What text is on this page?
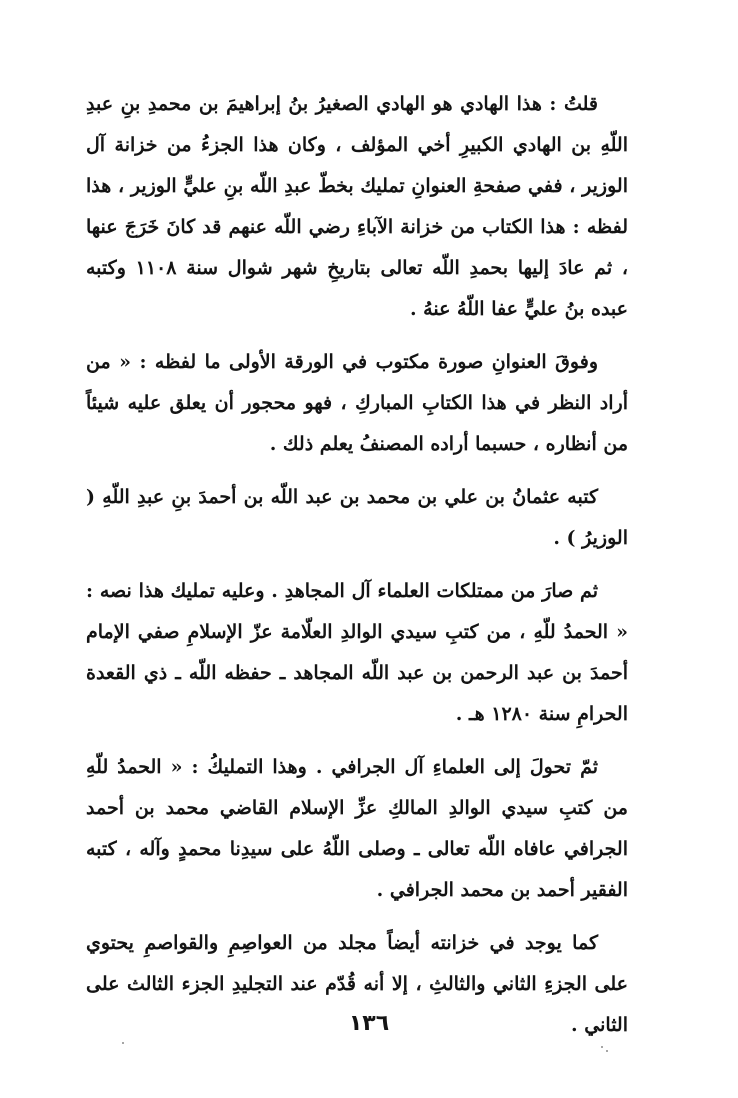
قلتُ : هذا الهادي هو الهادي الصغيرُ بنُ إبراهيمَ بن محمدِ بنِ عبدِ اللّهِ بن الهادي الكبيرِ أخي المؤلف ، وكان هذا الجزءُ من خزانة آل الوزير ، ففي صفحةِ العنوانِ تمليك بخطّ عبدِ اللّه بنِ عليٍّ الوزير ، هذا لفظه : هذا الكتاب من خزانة الآباءِ رضي اللّه عنهم قد كانَ خَرَجَ عنها ، ثم عادَ إليها بحمدِ اللّه تعالى بتاريخِ شهر شوال سنة ١١٠٨ وكتبه عبده بنُ عليٍّ عفا اللّهُ عنهُ .

وفوقَ العنوانِ صورة مكتوب في الورقة الأولى ما لفظه : « من أراد النظر في هذا الكتابِ المباركِ ، فهو محجور أن يعلق عليه شيئاً من أنظاره ، حسبما أراده المصنفُ يعلم ذلك .

كتبه عثمانُ بن علي بن محمد بن عبد اللّه بن أحمدَ بنِ عبدِ اللّهِ ( الوزيرُ ) .

ثم صارَ من ممتلكات العلماء آل المجاهدِ . وعليه تمليك هذا نصه : « الحمدُ للّهِ ، من كتبِ سيدي الوالدِ العلّامة عزّ الإسلامِ صفي الإمام أحمدَ بن عبد الرحمن بن عبد اللّه المجاهد ـ حفظه اللّه ـ ذي القعدة الحرامِ سنة ١٢٨٠ هـ .

ثمّ تحولَ إلى العلماءِ آل الجرافي . وهذا التمليكُ : « الحمدُ للّهِ من كتبِ سيدي الوالدِ المالكِ عزِّ الإسلام القاضي محمد بن أحمد الجرافي عافاه اللّه تعالى ـ وصلى اللّهُ على سيدِنا محمدٍ وآله ، كتبه الفقير أحمد بن محمد الجرافي .

كما يوجد في خزانته أيضاً مجلد من العواصِمِ والقواصمِ يحتوي على الجزءِ الثاني والثالثِ ، إلا أنه قُدّم عند التجليدِ الجزء الثالث على الثاني .

١٣٦
